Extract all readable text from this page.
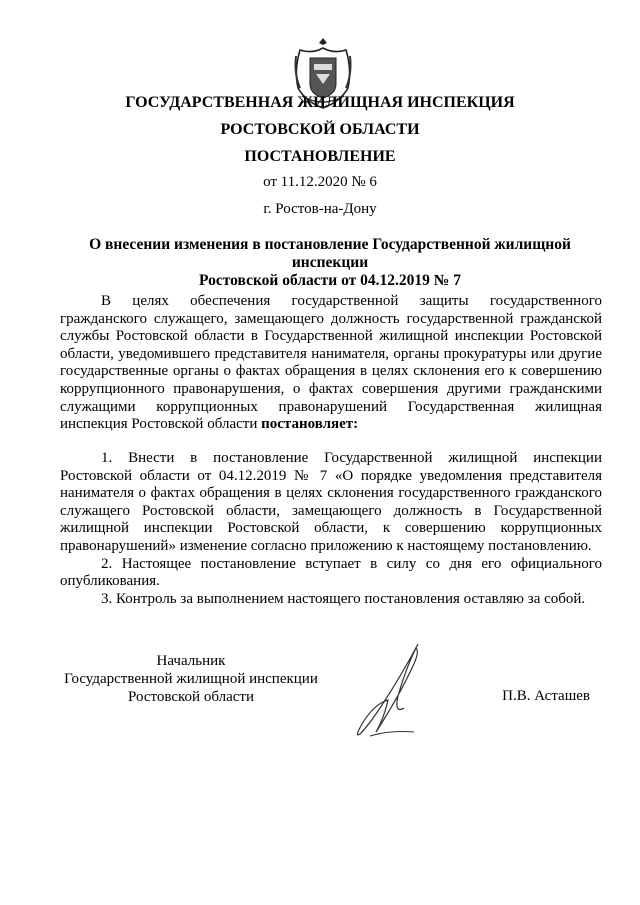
ГОСУДАРСТВЕННАЯ ЖИЛИЩНАЯ ИНСПЕКЦИЯ
РОСТОВСКОЙ ОБЛАСТИ
ПОСТАНОВЛЕНИЕ
от 11.12.2020 № 6
г. Ростов-на-Дону
О внесении изменения в постановление Государственной жилищной инспекции
Ростовской области от 04.12.2019 № 7

В целях обеспечения государственной защиты государственного гражданского служащего, замещающего должность государственной гражданской службы Ростовской области в Государственной жилищной инспекции Ростовской области, уведомившего представителя нанимателя, органы прокуратуры или другие государственные органы о фактах обращения в целях склонения его к совершению коррупционного правонарушения, о фактах совершения другими гражданскими служащими коррупционных правонарушений Государственная жилищная инспекция Ростовской области постановляет:

1. Внести в постановление Государственной жилищной инспекции Ростовской области от 04.12.2019 № 7 «О порядке уведомления представителя нанимателя о фактах обращения в целях склонения государственного гражданского служащего Ростовской области, замещающего должность в Государственной жилищной инспекции Ростовской области, к совершению коррупционных правонарушений» изменение согласно приложению к настоящему постановлению.

2. Настоящее постановление вступает в силу со дня его официального опубликования.

3. Контроль за выполнением настоящего постановления оставляю за собой.

Начальник
Государственной жилищной инспекции
Ростовской области	П.В. Асташев
